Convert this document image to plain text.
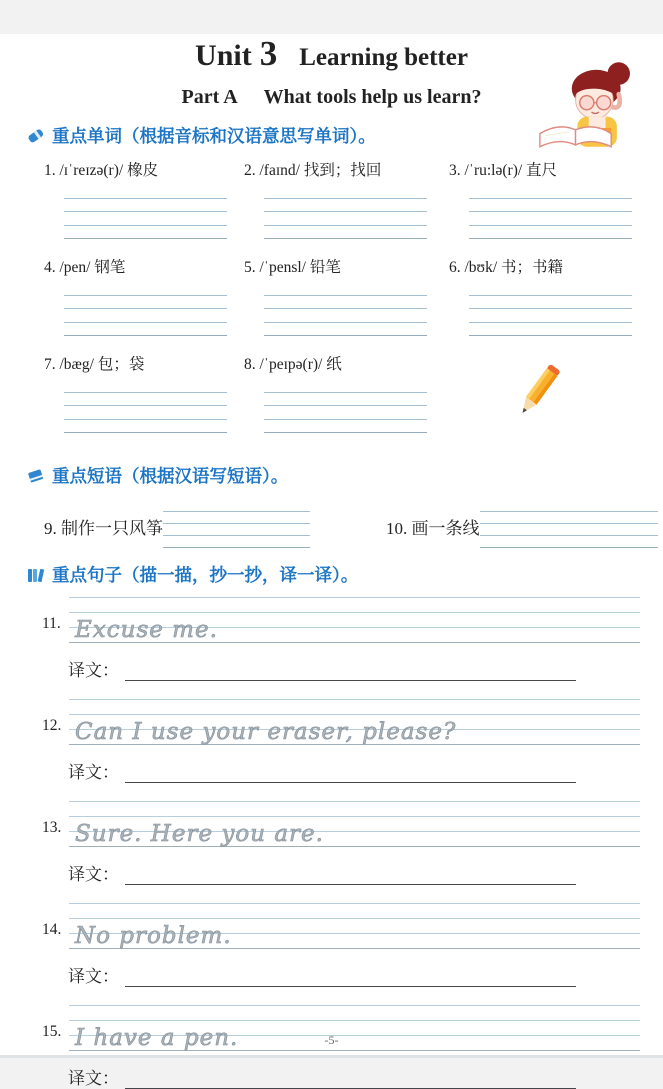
Unit 3 Learning better
Part A What tools help us learn?
重点单词（根据音标和汉语意思写单词）。
1. /ɪˈreɪzə(r)/ 橡皮	2. /faɪnd/ 找到；找回	3. /ˈru:lə(r)/ 直尺
4. /pen/ 钢笔	5. /ˈpensl/ 铅笔	6. /bʊk/ 书；书籍
7. /bæg/ 包；袋	8. /ˈpeɪpə(r)/ 纸
重点短语（根据汉语写短语）。
9. 制作一只风筝	10. 画一条线
重点句子（描一描，抄一抄，译一译）。
11. Excuse me.
译文：
12. Can I use your eraser, please?
译文：
13. Sure. Here you are.
译文：
14. No problem.
译文：
15. I have a pen.
译文：
-5-
